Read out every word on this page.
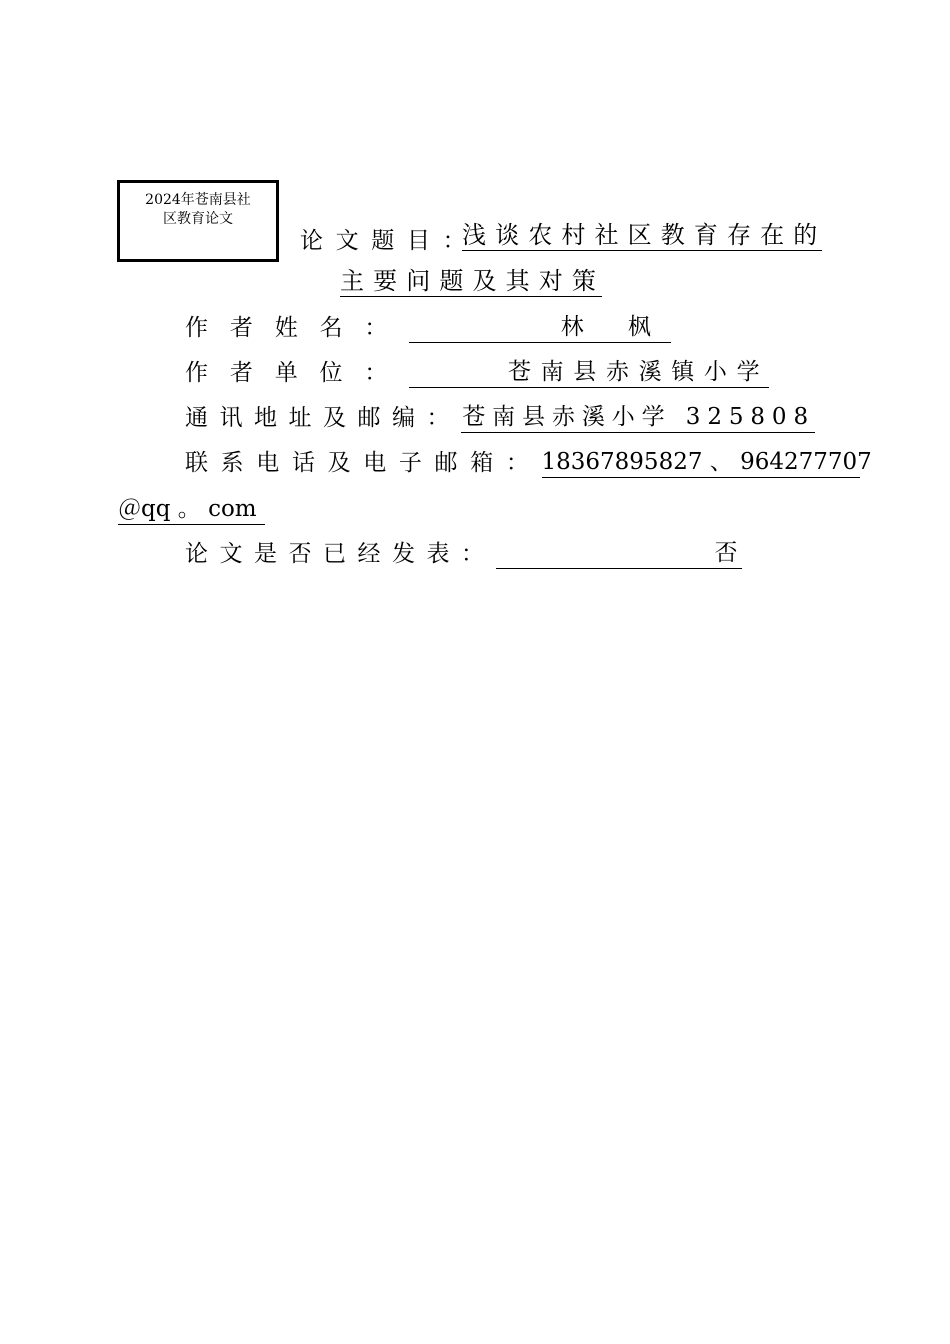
2024年苍南县社
区教育论文
论文题目：
浅谈农村社区教育存在的
主要问题及其对策
作者姓名：	林 枫
作者单位：	苍南县赤溪镇小学
通讯地址及邮编：苍南县赤溪小学 325808
联系电话及电子邮箱：18367895827 、 964277707
＠qq 。 com
论文是否已经发表：	否
